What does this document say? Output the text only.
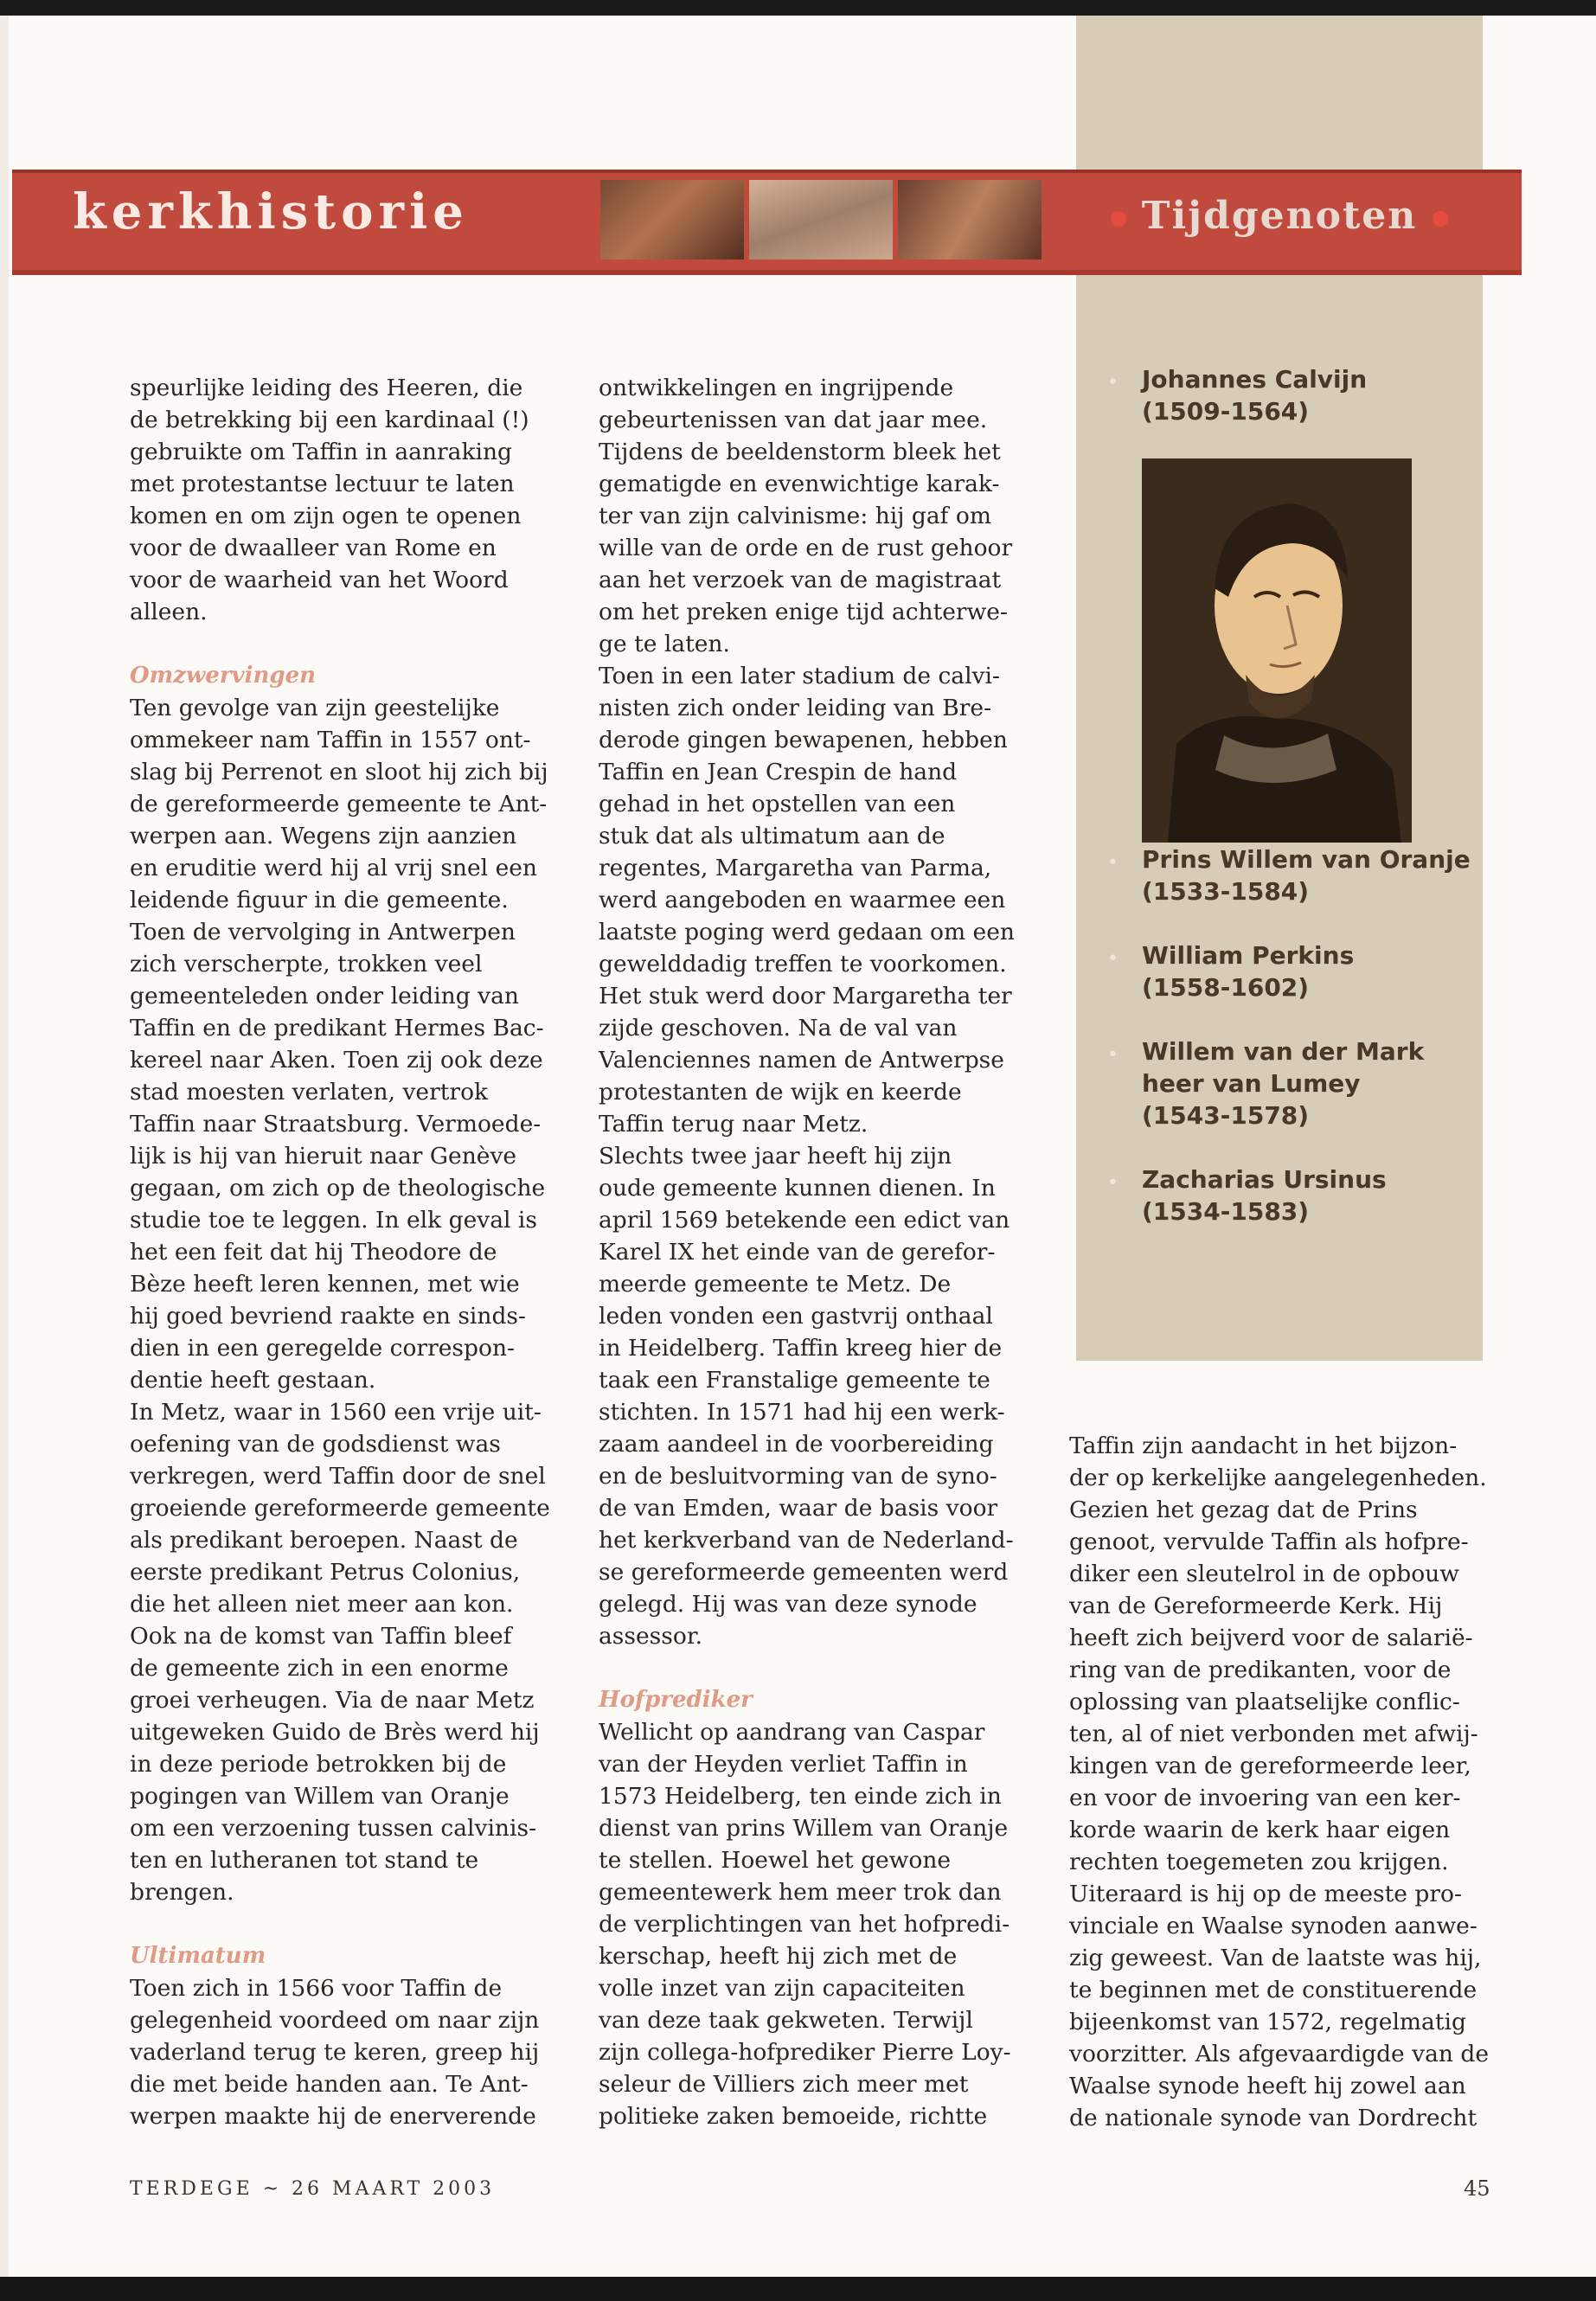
kerkhistorie	Tijdgenoten
• Johannes Calvijn
(1509-1564)
• Prins Willem van Oranje
(1533-1584)
• William Perkins
(1558-1602)
• Willem van der Mark
heer van Lumey
(1543-1578)
• Zacharias Ursinus
(1534-1583)

speurlijke leiding des Heeren, die
de betrekking bij een kardinaal (!)
gebruikte om Taffin in aanraking
met protestantse lectuur te laten
komen en om zijn ogen te openen
voor de dwaalleer van Rome en
voor de waarheid van het Woord
alleen.

Omzwervingen

Ten gevolge van zijn geestelijke
ommekeer nam Taffin in 1557 ont-
slag bij Perrenot en sloot hij zich bij
de gereformeerde gemeente te Ant-
werpen aan. Wegens zijn aanzien
en eruditie werd hij al vrij snel een
leidende figuur in die gemeente.
Toen de vervolging in Antwerpen
zich verscherpte, trokken veel
gemeenteleden onder leiding van
Taffin en de predikant Hermes Bac-
kereel naar Aken. Toen zij ook deze
stad moesten verlaten, vertrok
Taffin naar Straatsburg. Vermoede-
lijk is hij van hieruit naar Genève
gegaan, om zich op de theologische
studie toe te leggen. In elk geval is
het een feit dat hij Theodore de
Bèze heeft leren kennen, met wie
hij goed bevriend raakte en sinds-
dien in een geregelde correspon-
dentie heeft gestaan.
In Metz, waar in 1560 een vrije uit-
oefening van de godsdienst was
verkregen, werd Taffin door de snel
groeiende gereformeerde gemeente
als predikant beroepen. Naast de
eerste predikant Petrus Colonius,
die het alleen niet meer aan kon.
Ook na de komst van Taffin bleef
de gemeente zich in een enorme
groei verheugen. Via de naar Metz
uitgeweken Guido de Brès werd hij
in deze periode betrokken bij de
pogingen van Willem van Oranje
om een verzoening tussen calvinis-
ten en lutheranen tot stand te
brengen.

Ultimatum

Toen zich in 1566 voor Taffin de
gelegenheid voordeed om naar zijn
vaderland terug te keren, greep hij
die met beide handen aan. Te Ant-
werpen maakte hij de enerverende

ontwikkelingen en ingrijpende
gebeurtenissen van dat jaar mee.
Tijdens de beeldenstorm bleek het
gematigde en evenwichtige karak-
ter van zijn calvinisme: hij gaf om
wille van de orde en de rust gehoor
aan het verzoek van de magistraat
om het preken enige tijd achterwe-
ge te laten.
Toen in een later stadium de calvi-
nisten zich onder leiding van Bre-
derode gingen bewapenen, hebben
Taffin en Jean Crespin de hand
gehad in het opstellen van een
stuk dat als ultimatum aan de
regentes, Margaretha van Parma,
werd aangeboden en waarmee een
laatste poging werd gedaan om een
gewelddadig treffen te voorkomen.
Het stuk werd door Margaretha ter
zijde geschoven. Na de val van
Valenciennes namen de Antwerpse
protestanten de wijk en keerde
Taffin terug naar Metz.
Slechts twee jaar heeft hij zijn
oude gemeente kunnen dienen. In
april 1569 betekende een edict van
Karel IX het einde van de gerefor-
meerde gemeente te Metz. De
leden vonden een gastvrij onthaal
in Heidelberg. Taffin kreeg hier de
taak een Franstalige gemeente te
stichten. In 1571 had hij een werk-
zaam aandeel in de voorbereiding
en de besluitvorming van de syno-
de van Emden, waar de basis voor
het kerkverband van de Nederland-
se gereformeerde gemeenten werd
gelegd. Hij was van deze synode
assessor.

Hofprediker

Wellicht op aandrang van Caspar
van der Heyden verliet Taffin in
1573 Heidelberg, ten einde zich in
dienst van prins Willem van Oranje
te stellen. Hoewel het gewone
gemeentewerk hem meer trok dan
de verplichtingen van het hofpredi-
kerschap, heeft hij zich met de
volle inzet van zijn capaciteiten
van deze taak gekweten. Terwijl
zijn collega-hofprediker Pierre Loy-
seleur de Villiers zich meer met
politieke zaken bemoeide, richtte

Taffin zijn aandacht in het bijzon-
der op kerkelijke aangelegenheden.
Gezien het gezag dat de Prins
genoot, vervulde Taffin als hofpre-
diker een sleutelrol in de opbouw
van de Gereformeerde Kerk. Hij
heeft zich beijverd voor de salarië-
ring van de predikanten, voor de
oplossing van plaatselijke conflic-
ten, al of niet verbonden met afwij-
kingen van de gereformeerde leer,
en voor de invoering van een ker-
korde waarin de kerk haar eigen
rechten toegemeten zou krijgen.
Uiteraard is hij op de meeste pro-
vinciale en Waalse synoden aanwe-
zig geweest. Van de laatste was hij,
te beginnen met de constituerende
bijeenkomst van 1572, regelmatig
voorzitter. Als afgevaardigde van de
Waalse synode heeft hij zowel aan
de nationale synode van Dordrecht

TERDEGE ~ 26 MAART 2003	45
